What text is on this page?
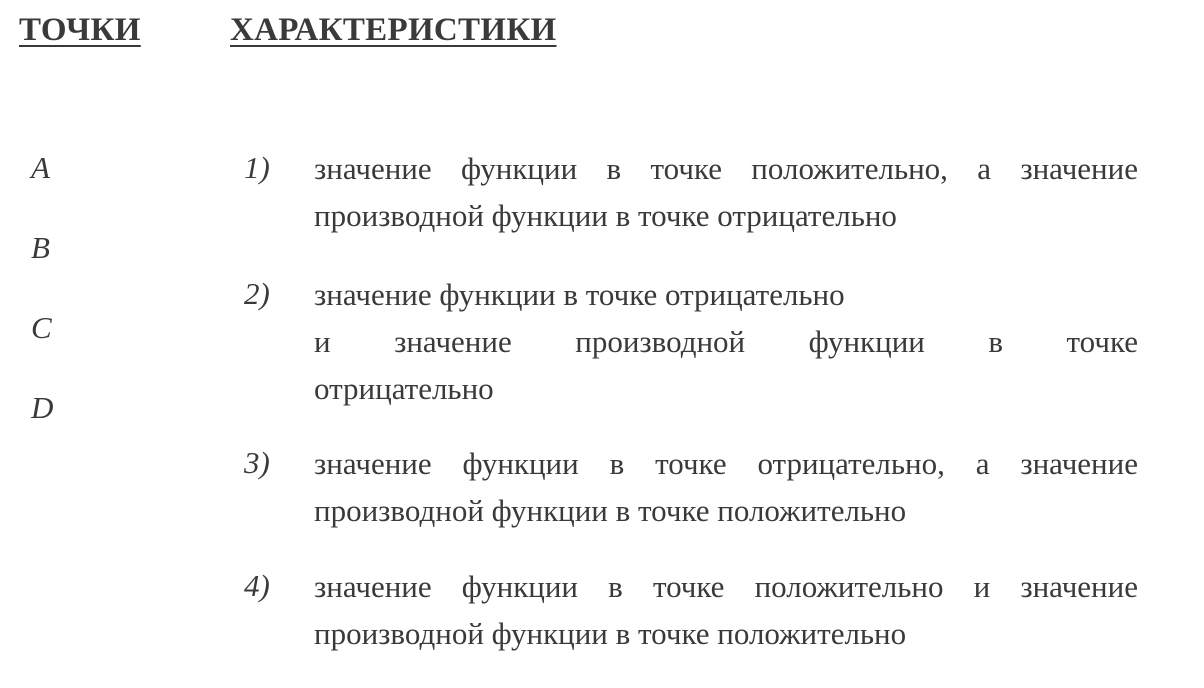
ТОЧКИ	ХАРАКТЕРИСТИКИ
A
B
C
D
1) значение функции в точке положительно, а значение
производной функции в точке отрицательно
2) значение функции в точке отрицательно
и значение производной функции в точке
отрицательно
3) значение функции в точке отрицательно, а значение
производной функции в точке положительно
4) значение функции в точке положительно и значение
производной функции в точке положительно
